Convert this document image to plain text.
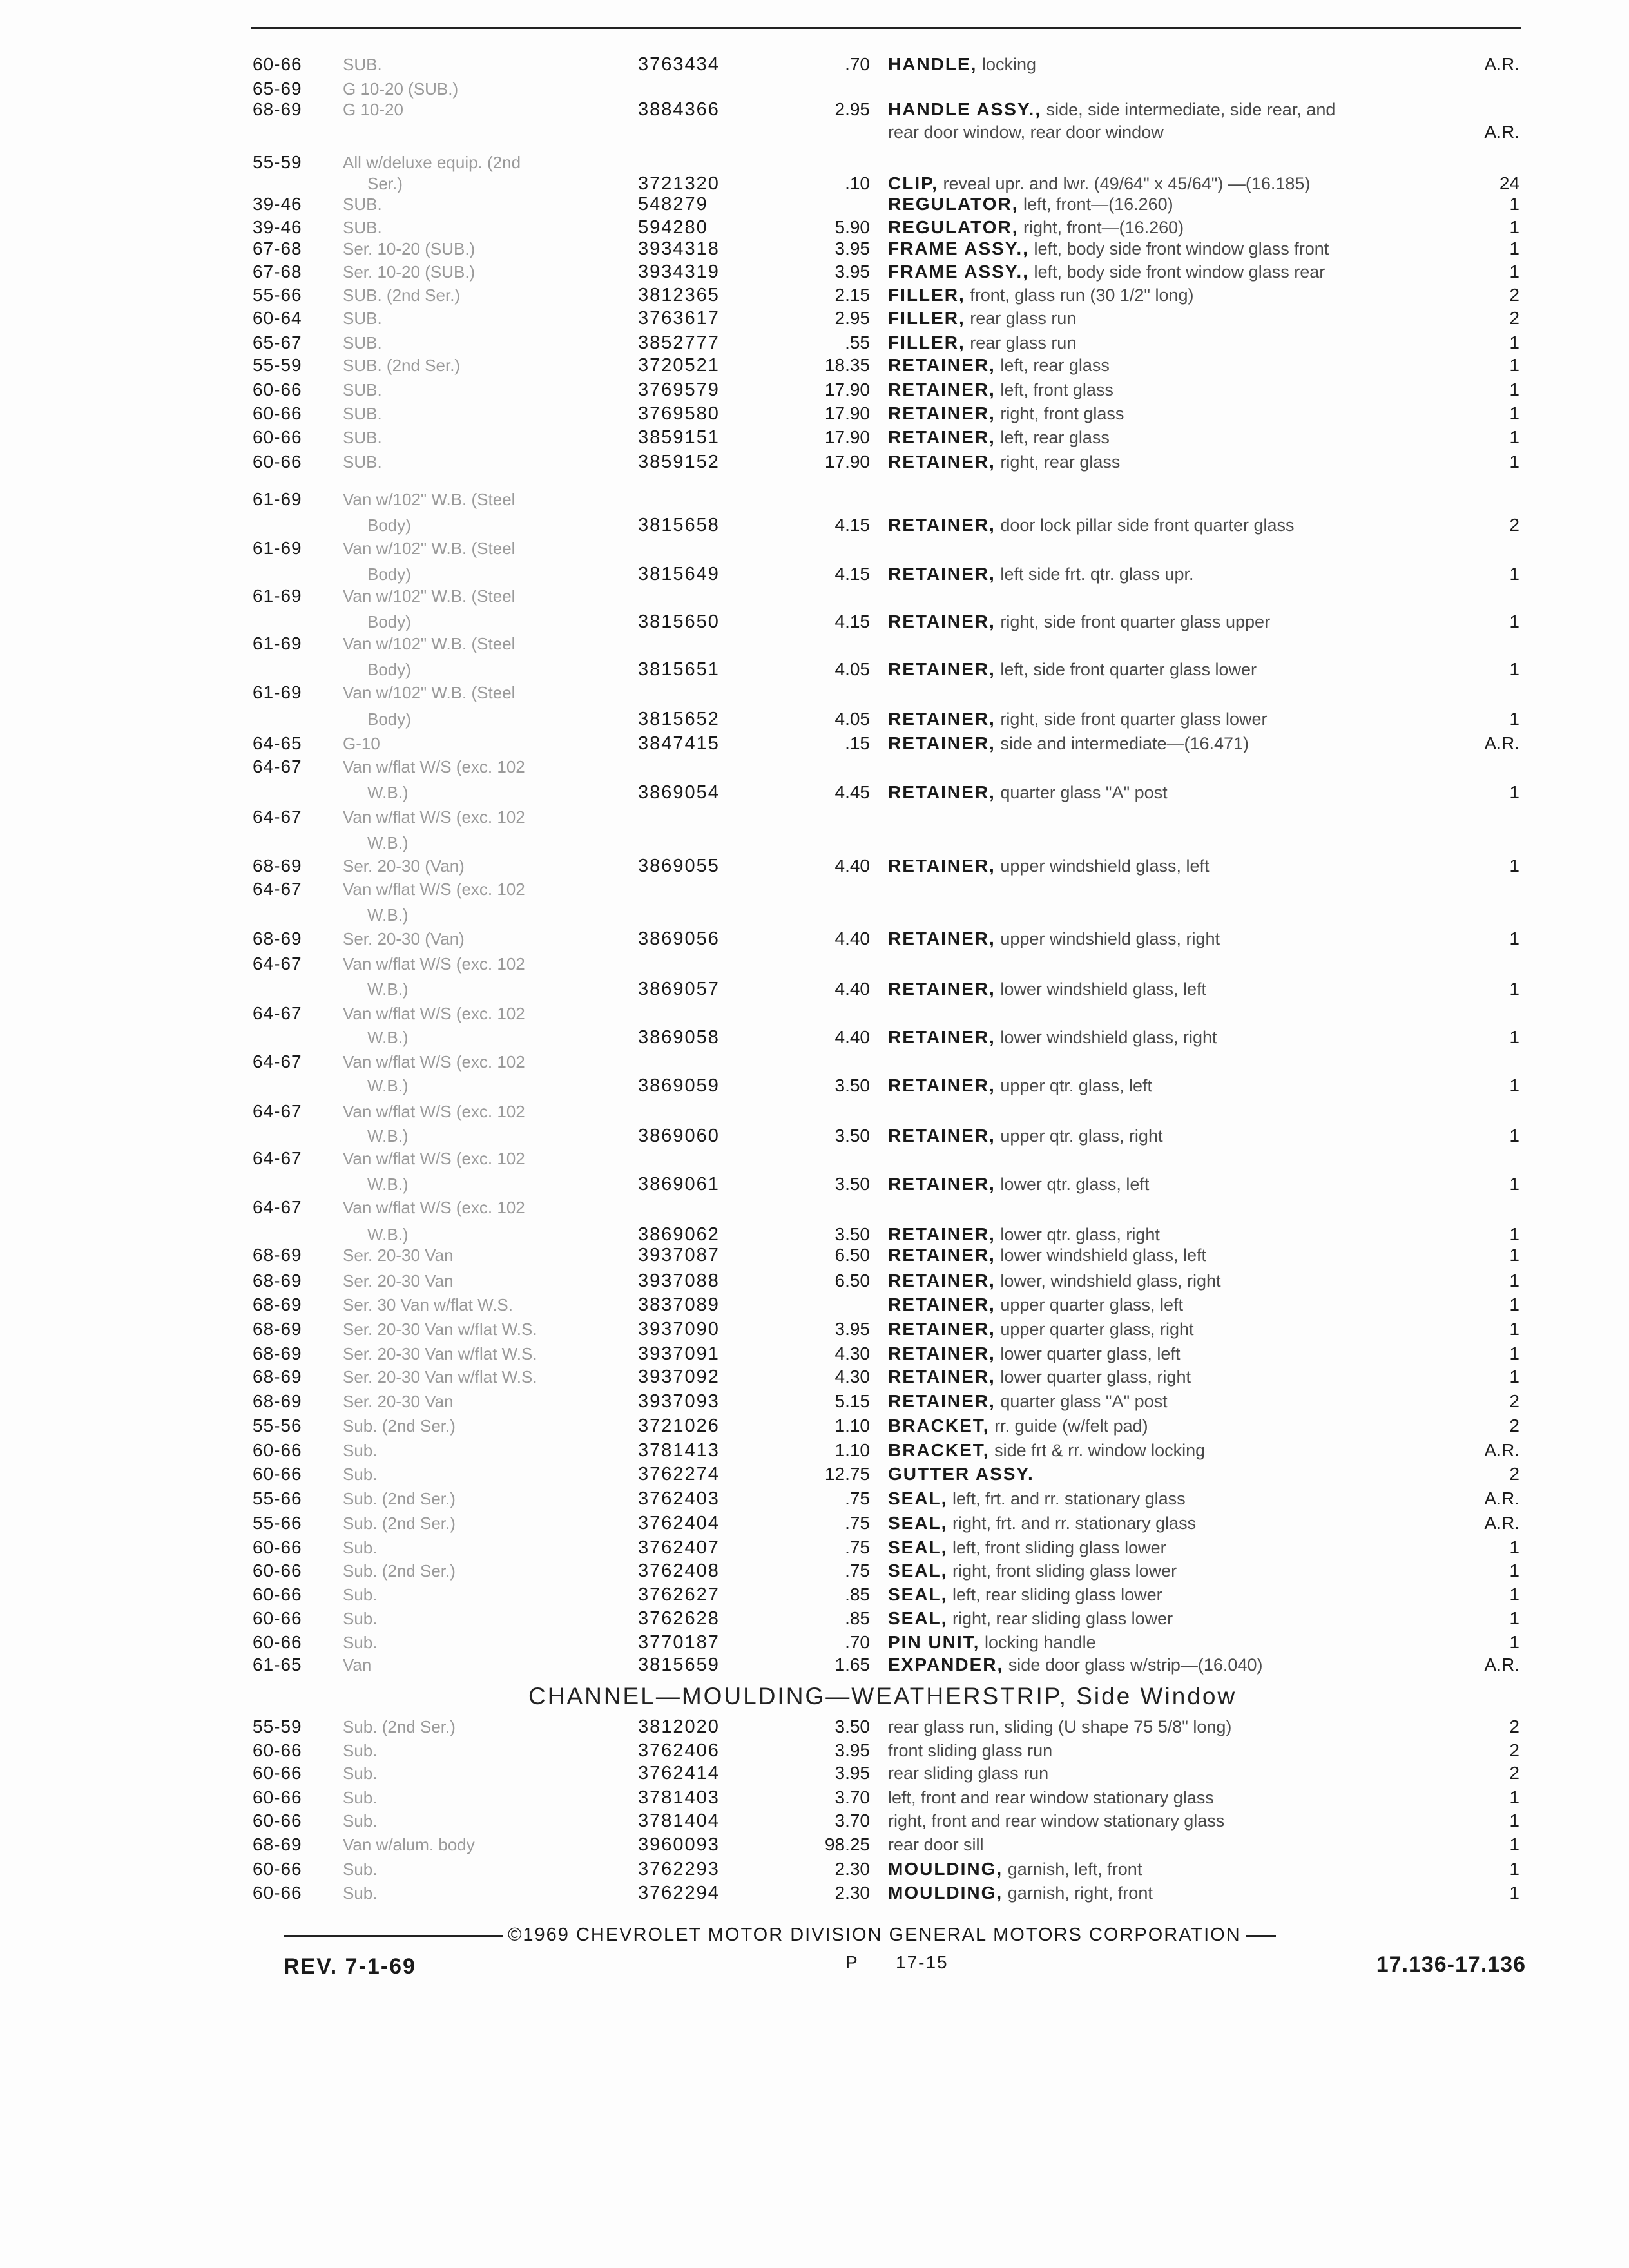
60-66 SUB.	3763434	.70 HANDLE, locking	A.R.
65-69 G 10-20 (SUB.)
68-69 G 10-20	3884366	2.95 HANDLE ASSY., side, side intermediate, side rear, and
rear door window, rear door window	A.R.
55-59 All w/deluxe equip. (2nd
Ser.)	3721320	.10 CLIP, reveal upr. and lwr. (49/64" x 45/64") —(16.185)	24
39-46 SUB.	548279	REGULATOR, left, front—(16.260)	1
39-46 SUB.	594280	5.90 REGULATOR, right, front—(16.260)	1
67-68 Ser. 10-20 (SUB.)	3934318	3.95 FRAME ASSY., left, body side front window glass front	1
67-68 Ser. 10-20 (SUB.)	3934319	3.95 FRAME ASSY., left, body side front window glass rear	1
55-66 SUB. (2nd Ser.)	3812365	2.15 FILLER, front, glass run (30 1/2" long)	2
60-64 SUB.	3763617	2.95 FILLER, rear glass run	2
65-67 SUB.	3852777	.55 FILLER, rear glass run	1
55-59 SUB. (2nd Ser.)	3720521	18.35 RETAINER, left, rear glass	1
60-66 SUB.	3769579	17.90 RETAINER, left, front glass	1
60-66 SUB.	3769580	17.90 RETAINER, right, front glass	1
60-66 SUB.	3859151	17.90 RETAINER, left, rear glass	1
60-66 SUB.	3859152	17.90 RETAINER, right, rear glass	1
61-69 Van w/102" W.B. (Steel
Body)	3815658	4.15 RETAINER, door lock pillar side front quarter glass	2
61-69 Van w/102" W.B. (Steel
Body)	3815649	4.15 RETAINER, left side frt. qtr. glass upr.	1
61-69 Van w/102" W.B. (Steel
Body)	3815650	4.15 RETAINER, right, side front quarter glass upper	1
61-69 Van w/102" W.B. (Steel
Body)	3815651	4.05 RETAINER, left, side front quarter glass lower	1
61-69 Van w/102" W.B. (Steel
Body)	3815652	4.05 RETAINER, right, side front quarter glass lower	1
64-65 G-10	3847415	.15 RETAINER, side and intermediate—(16.471)	A.R.
64-67 Van w/flat W/S (exc. 102
W.B.)	3869054	4.45 RETAINER, quarter glass "A" post	1
64-67 Van w/flat W/S (exc. 102
W.B.)
68-69 Ser. 20-30 (Van)	3869055	4.40 RETAINER, upper windshield glass, left	1
64-67 Van w/flat W/S (exc. 102
W.B.)
68-69 Ser. 20-30 (Van)	3869056	4.40 RETAINER, upper windshield glass, right	1
64-67 Van w/flat W/S (exc. 102
W.B.)	3869057	4.40 RETAINER, lower windshield glass, left	1
64-67 Van w/flat W/S (exc. 102
W.B.)	3869058	4.40 RETAINER, lower windshield glass, right	1
64-67 Van w/flat W/S (exc. 102
W.B.)	3869059	3.50 RETAINER, upper qtr. glass, left	1
64-67 Van w/flat W/S (exc. 102
W.B.)	3869060	3.50 RETAINER, upper qtr. glass, right	1
64-67 Van w/flat W/S (exc. 102
W.B.)	3869061	3.50 RETAINER, lower qtr. glass, left	1
64-67 Van w/flat W/S (exc. 102
W.B.)	3869062	3.50 RETAINER, lower qtr. glass, right	1
68-69 Ser. 20-30 Van	3937087	6.50 RETAINER, lower windshield glass, left	1
68-69 Ser. 20-30 Van	3937088	6.50 RETAINER, lower, windshield glass, right	1
68-69 Ser. 30 Van w/flat W.S.	3837089	RETAINER, upper quarter glass, left	1
68-69 Ser. 20-30 Van w/flat W.S.	3937090	3.95 RETAINER, upper quarter glass, right	1
68-69 Ser. 20-30 Van w/flat W.S.	3937091	4.30 RETAINER, lower quarter glass, left	1
68-69 Ser. 20-30 Van w/flat W.S.	3937092	4.30 RETAINER, lower quarter glass, right	1
68-69 Ser. 20-30 Van	3937093	5.15 RETAINER, quarter glass "A" post	2
55-56 Sub. (2nd Ser.)	3721026	1.10 BRACKET, rr. guide (w/felt pad)	2
60-66 Sub.	3781413	1.10 BRACKET, side frt & rr. window locking	A.R.
60-66 Sub.	3762274	12.75 GUTTER ASSY.	2
55-66 Sub. (2nd Ser.)	3762403	.75 SEAL, left, frt. and rr. stationary glass	A.R.
55-66 Sub. (2nd Ser.)	3762404	.75 SEAL, right, frt. and rr. stationary glass	A.R.
60-66 Sub.	3762407	.75 SEAL, left, front sliding glass lower	1
60-66 Sub. (2nd Ser.)	3762408	.75 SEAL, right, front sliding glass lower	1
60-66 Sub.	3762627	.85 SEAL, left, rear sliding glass lower	1
60-66 Sub.	3762628	.85 SEAL, right, rear sliding glass lower	1
60-66 Sub.	3770187	.70 PIN UNIT, locking handle	1
61-65 Van	3815659	1.65 EXPANDER, side door glass w/strip—(16.040)	A.R.
CHANNEL—MOULDING—WEATHERSTRIP, Side Window
55-59 Sub. (2nd Ser.)	3812020	3.50 rear glass run, sliding (U shape 75 5/8" long)	2
60-66 Sub.	3762406	3.95 front sliding glass run	2
60-66 Sub.	3762414	3.95 rear sliding glass run	2
60-66 Sub.	3781403	3.70 left, front and rear window stationary glass	1
60-66 Sub.	3781404	3.70 right, front and rear window stationary glass	1
68-69 Van w/alum. body	3960093	98.25 rear door sill	1
60-66 Sub.	3762293	2.30 MOULDING, garnish, left, front	1
60-66 Sub.	3762294	2.30 MOULDING, garnish, right, front	1
©1969 CHEVROLET MOTOR DIVISION GENERAL MOTORS CORPORATION
REV. 7-1-69	P 17-15	17.136-17.136
